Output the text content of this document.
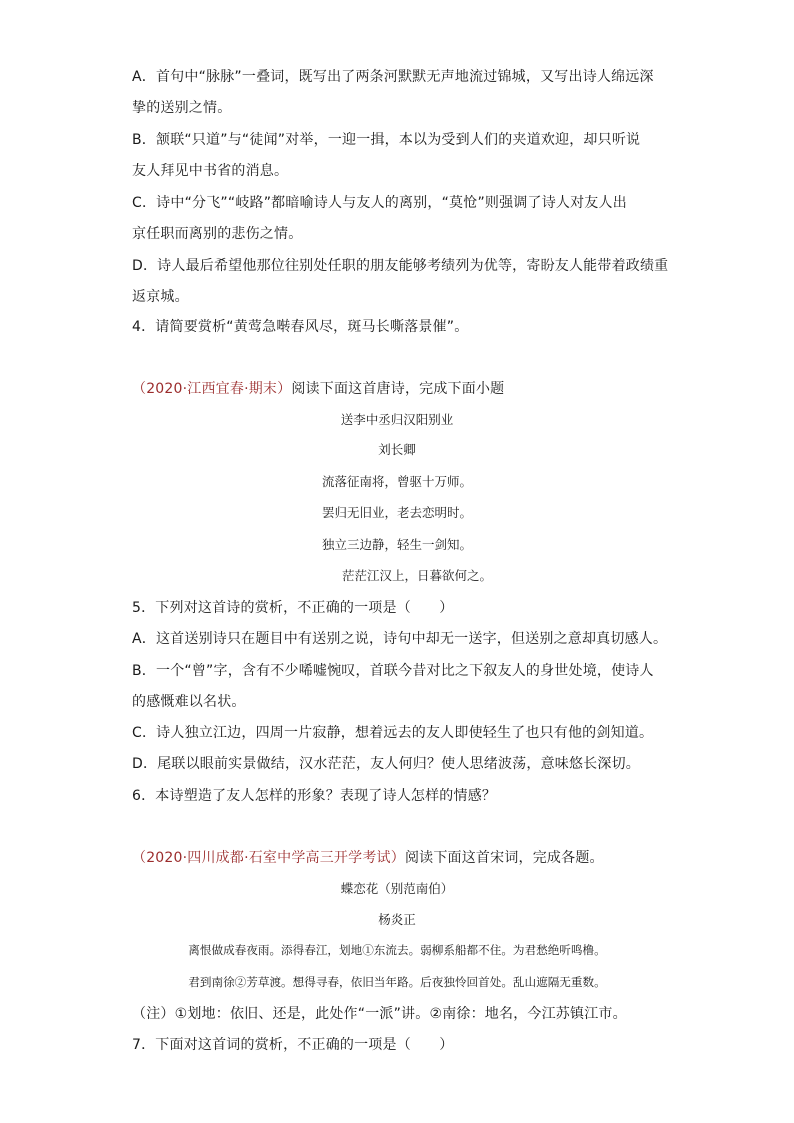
A．首句中“脉脉”一叠词，既写出了两条河默默无声地流过锦城，又写出诗人绵远深
挚的送别之情。
B．颔联“只道”与“徒闻”对举，一迎一揖，本以为受到人们的夹道欢迎，却只听说
友人拜见中书省的消息。
C．诗中“分飞”“岐路”都暗喻诗人与友人的离别，“莫怆”则强调了诗人对友人出
京任职而离别的悲伤之情。
D．诗人最后希望他那位往别处任职的朋友能够考绩列为优等，寄盼友人能带着政绩重
返京城。
4．请简要赏析“黄莺急啭春风尽，斑马长嘶落景催”。
（2020·江西宜春·期末）阅读下面这首唐诗，完成下面小题
送李中丞归汉阳别业
刘长卿
流落征南将，曾驱十万师。
罢归无旧业，老去恋明时。
独立三边静，轻生一剑知。
茫茫江汉上，日暮欲何之。
5．下列对这首诗的赏析，不正确的一项是（　　）
A．这首送别诗只在题目中有送别之说，诗句中却无一送字，但送别之意却真切感人。
B．一个“曾”字，含有不少唏嘘惋叹，首联今昔对比之下叙友人的身世处境，使诗人
的感慨难以名状。
C．诗人独立江边，四周一片寂静，想着远去的友人即使轻生了也只有他的剑知道。
D．尾联以眼前实景做结，汉水茫茫，友人何归？使人思绪波荡，意味悠长深切。
6．本诗塑造了友人怎样的形象？表现了诗人怎样的情感？
（2020·四川成都·石室中学高三开学考试）阅读下面这首宋词，完成各题。
蝶恋花（别范南伯）
杨炎正
离恨做成春夜雨。添得春江，划地①东流去。弱柳系船都不住。为君愁绝听鸣橹。
君到南徐②芳草渡。想得寻春，依旧当年路。后夜独怜回首处。乱山遮隔无重数。
（注）①划地：依旧、还是，此处作“一派”讲。②南徐：地名，今江苏镇江市。
7．下面对这首词的赏析，不正确的一项是（　　）
